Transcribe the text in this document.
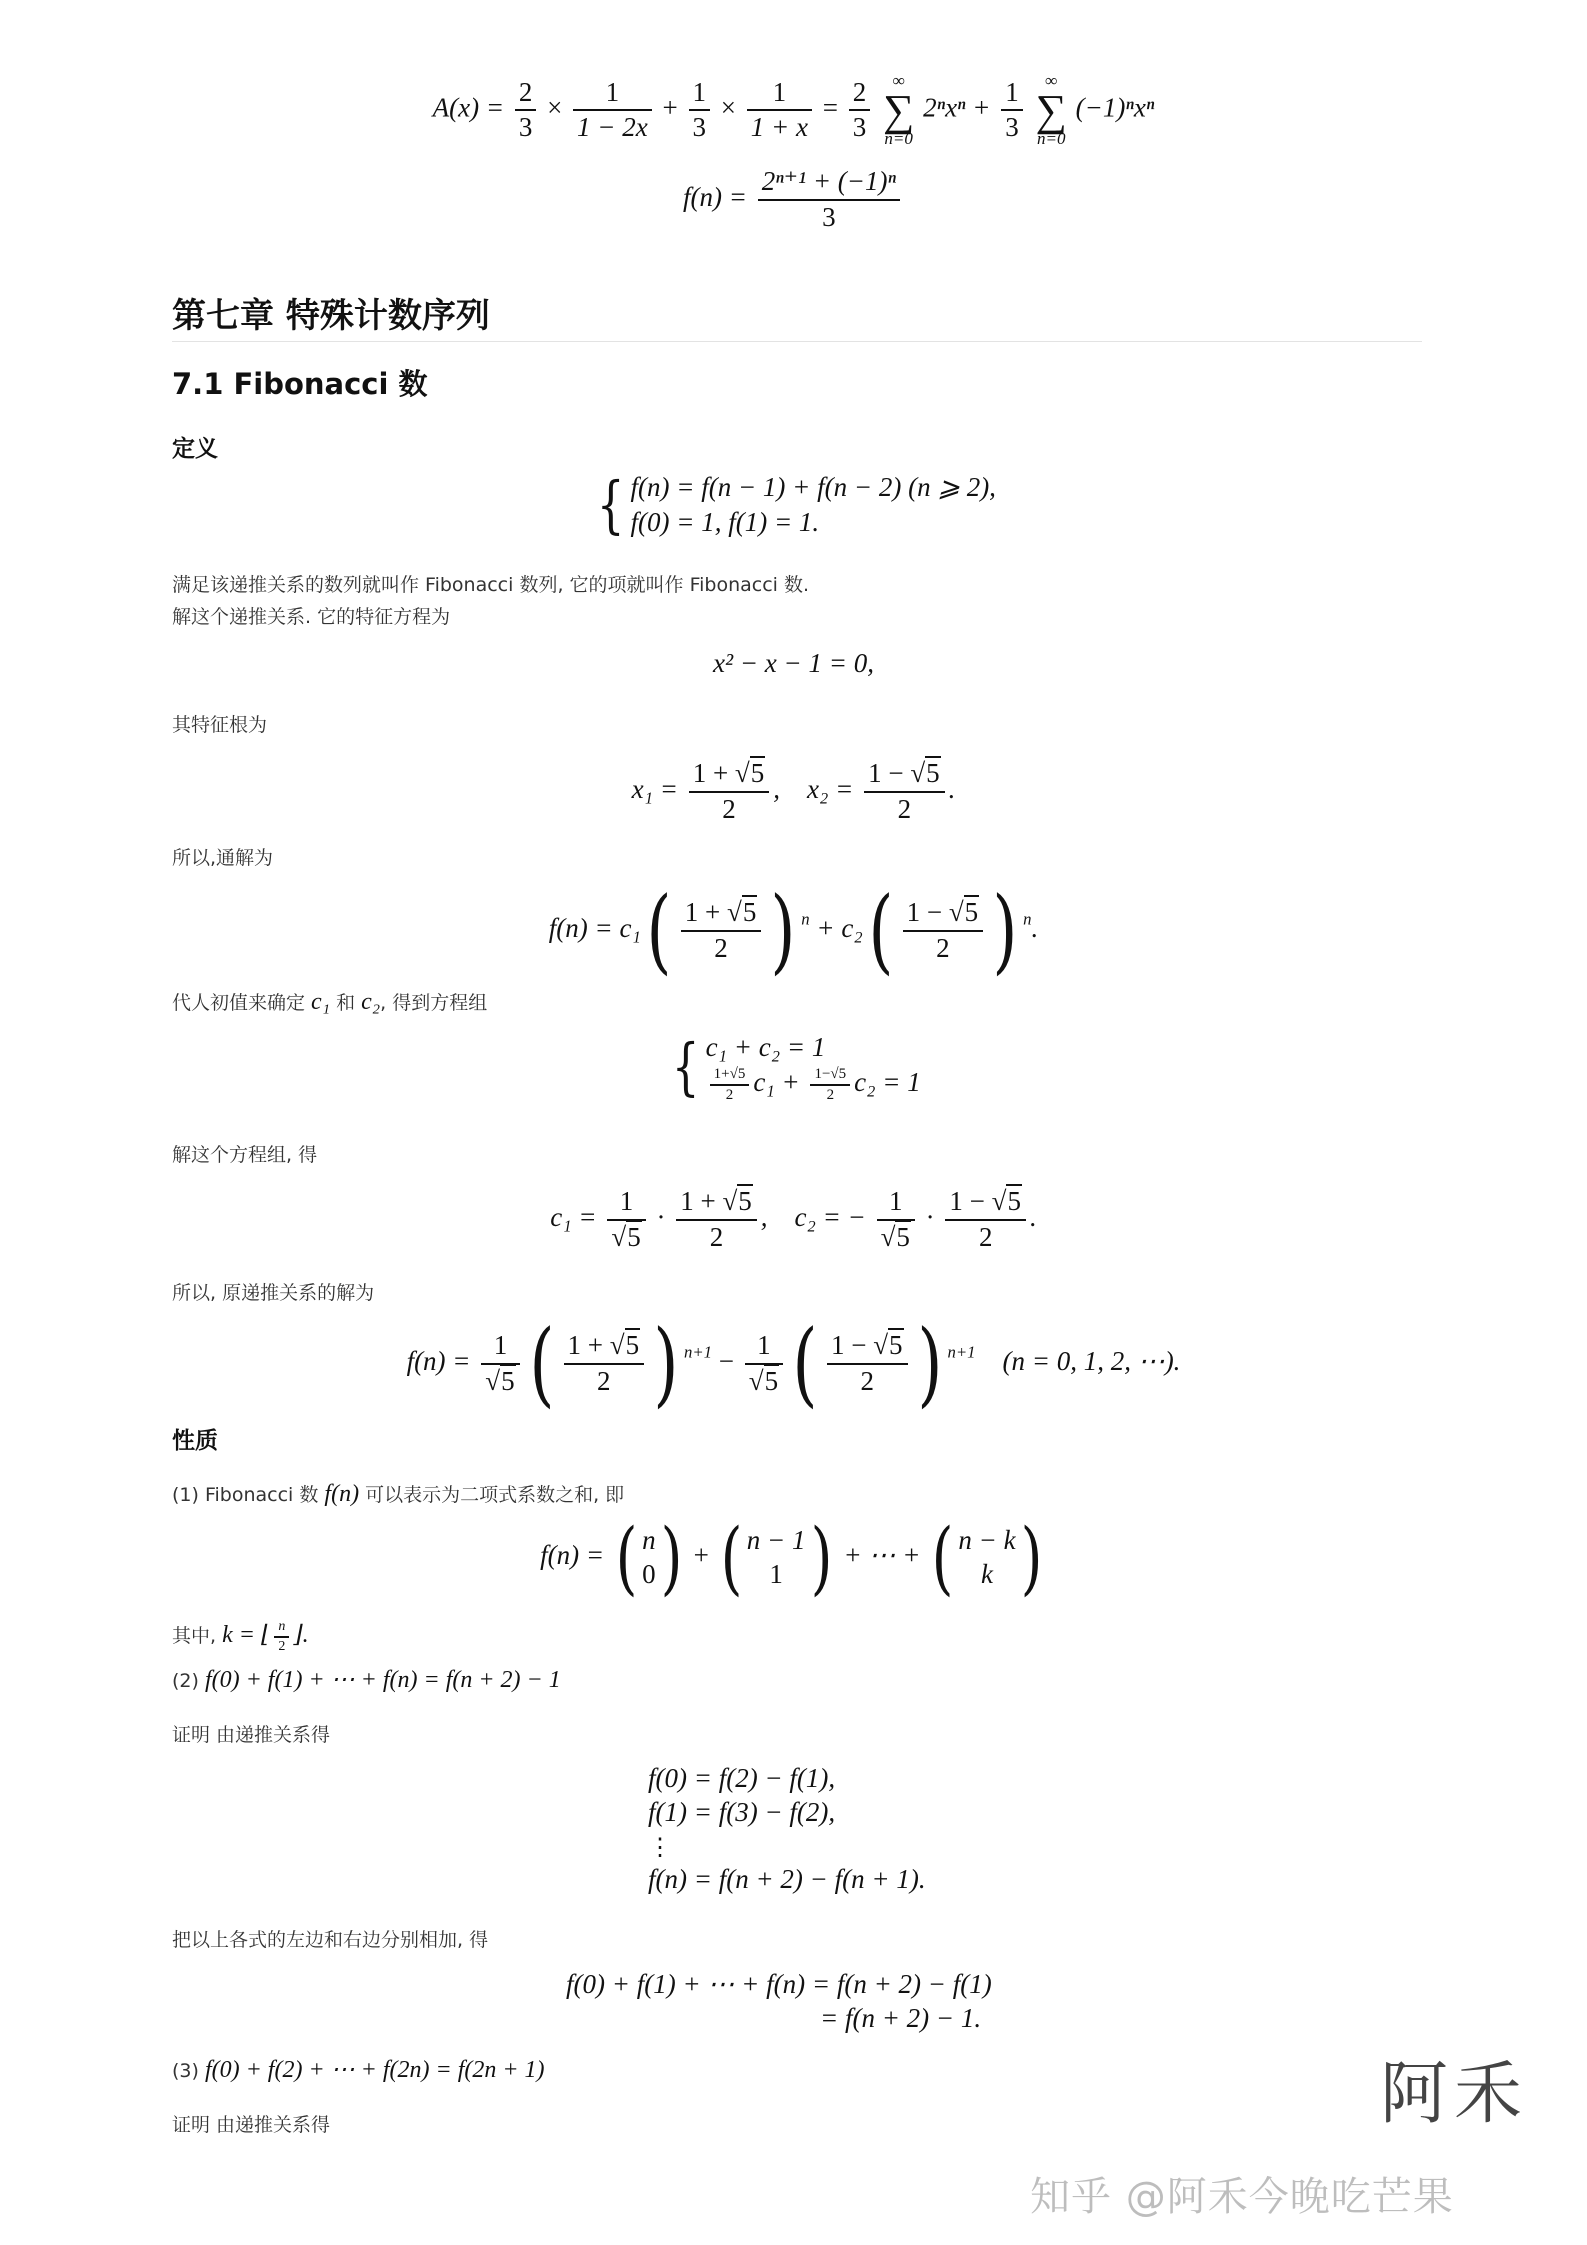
$A(x) = \frac{2}{3} \times \frac{1}{1 - 2x} + \frac{1}{3} \times \frac{1}{1 + x} = \frac{2}{3}$
	∞
∑
n=0
$2^nx^n + \frac{1}{3}$
	∞
∑
n=0
(−1)ⁿxⁿ
$f(n) = \frac{\text{2ⁿ⁺¹ + (−1)ⁿ}}{3}$
第七章 特殊计数序列
7.1 Fibonacci 数
定义
{ f(n) = f(n − 1) + f(n − 2) (n ⩾ 2),
f(0) = 1, f(1) = 1.
满足该递推关系的数列就叫作 Fibonacci 数列, 它的项就叫作 Fibonacci 数.
解这个递推关系. 它的特征方程为
x² − x − 1 = 0,
其特征根为
$x_1 = \frac{1 + √5}{2}$ , $x_2 = \frac{1 - √5}{2}$ .
所以,通解为
$f(n) = c_1( \frac{1 + √5}{2}$ ) $^n + c_2( \frac{1 - √5}{2}$ ) $^n$.
代人初值来确定 c₁ 和 c₂, 得到方程组
{ c₁ + c₂ = 1
$\frac{1+√5}{2} c_1 + \frac{1-√5}{2} c_2 = 1$
解这个方程组, 得
$c_1 = \frac{1}{√5} \cdot \frac{1 + √5}{2}$ , c₂ = − $\frac{1}{√5} \cdot \frac{1 - √5}{2}$ .
所以, 原递推关系的解为
$f(n) = \frac{1}{√5}$ ( $\frac{1 + √5}{2}$ ) $^{n+1} - \frac{1}{√5}$ ( $\frac{1 - √5}{2}$ ) $^{n+1}$ (n = 0, 1, 2, ⋯).
性质
(1) Fibonacci 数 f(n) 可以表示为二项式系数之和, 即
f(n) = ( n
0 ) + ( n − 1
1 ) + ⋯ + ( n − k
k )
其中, k = ⌊ $\frac{n}{2}$ ⌋.
(2) f(0) + f(1) + ⋯ + f(n) = f(n + 2) − 1
证明 由递推关系得
f(0) = f(2) − f(1),
f(1) = f(3) − f(2),
⋮
f(n) = f(n + 2) − f(n + 1).
把以上各式的左边和右边分别相加, 得
f(0) + f(1) + ⋯ + f(n) = f(n + 2) − f(1)
= f(n + 2) − 1.
(3) f(0) + f(2) + ⋯ + f(2n) = f(2n + 1)
证明 由递推关系得	阿禾
知乎 @阿禾今晚吃芒果
